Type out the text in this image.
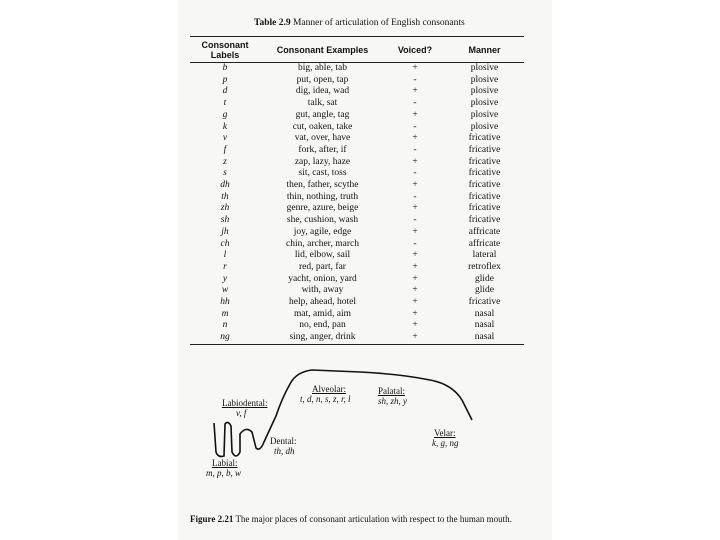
Table 2.9 Manner of articulation of English consonants
Consonant Labels	Consonant Examples	Voiced?	Manner
b	big, able, tab	+	plosive
p	put, open, tap	-	plosive
d	dig, idea, wad	+	plosive
t	talk, sat	-	plosive
g	gut, angle, tag	+	plosive
k	cut, oaken, take	-	plosive
v	vat, over, have	+	fricative
f	fork, after, if	-	fricative
z	zap, lazy, haze	+	fricative
s	sit, cast, toss	-	fricative
dh	then, father, scythe	+	fricative
th	thin, nothing, truth	-	fricative
zh	genre, azure, beige	+	fricative
sh	she, cushion, wash	-	fricative
jh	joy, agile, edge	+	affricate
ch	chin, archer, march	-	affricate
l	lid, elbow, sail	+	lateral
r	red, part, far	+	retroflex
y	yacht, onion, yard	+	glide
w	with, away	+	glide
hh	help, ahead, hotel	+	fricative
m	mat, amid, aim	+	nasal
n	no, end, pan	+	nasal
ng	sing, anger, drink	+	nasal
Labiodental:
v, f
Alveolar:
t, d, n, s, z, r, l
Palatal:
sh, zh, y
Dental:
th, dh
Velar:
k, g, ng
Labial:
m, p, b, w
Figure 2.21 The major places of consonant articulation with respect to the human mouth.
